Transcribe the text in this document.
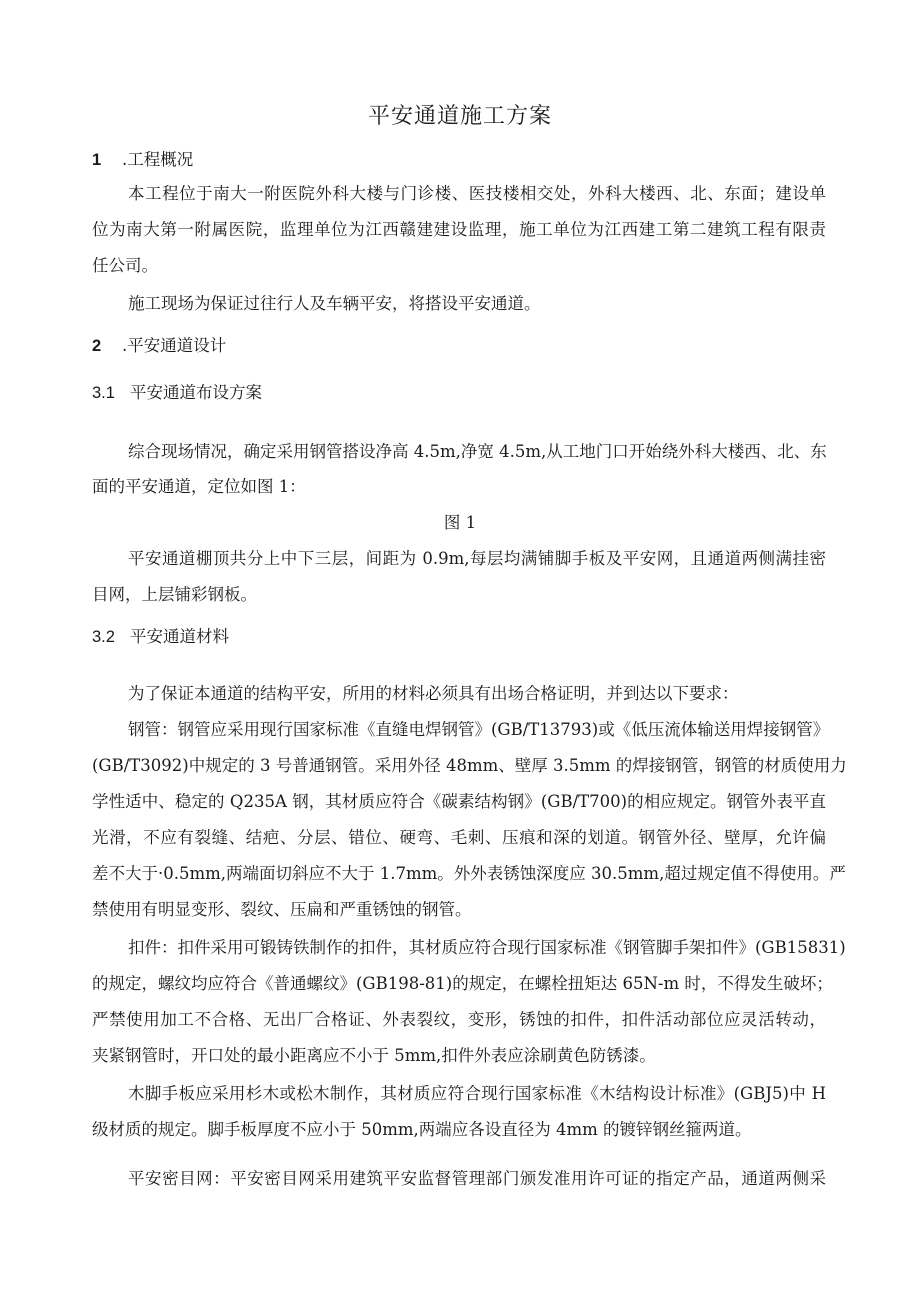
平安通道施工方案
1 .工程概况
本工程位于南大一附医院外科大楼与门诊楼、医技楼相交处，外科大楼西、北、东面；建设单
位为南大第一附属医院，监理单位为江西赣建建设监理，施工单位为江西建工第二建筑工程有限责
任公司。
施工现场为保证过往行人及车辆平安，将搭设平安通道。
2 .平安通道设计
3.1 平安通道布设方案
综合现场情况，确定采用钢管搭设净高 4.5m,净宽 4.5m,从工地门口开始绕外科大楼西、北、东
面的平安通道，定位如图 1：
图 1
平安通道棚顶共分上中下三层，间距为 0.9m,每层均满铺脚手板及平安网，且通道两侧满挂密
目网，上层铺彩钢板。
3.2 平安通道材料
为了保证本通道的结构平安，所用的材料必须具有出场合格证明，并到达以下要求：
钢管：钢管应采用现行国家标准《直缝电焊钢管》(GB/T13793)或《低压流体输送用焊接钢管》
(GB/T3092)中规定的 3 号普通钢管。采用外径 48mm、壁厚 3.5mm 的焊接钢管，钢管的材质使用力
学性适中、稳定的 Q235A 钢，其材质应符合《碳素结构钢》(GB/T700)的相应规定。钢管外表平直
光滑，不应有裂缝、结疤、分层、错位、硬弯、毛刺、压痕和深的划道。钢管外径、壁厚，允许偏
差不大于·0.5mm,两端面切斜应不大于 1.7mm。外外表锈蚀深度应 30.5mm,超过规定值不得使用。严
禁使用有明显变形、裂纹、压扁和严重锈蚀的钢管。
扣件：扣件采用可锻铸铁制作的扣件，其材质应符合现行国家标准《钢管脚手架扣件》(GB15831)
的规定，螺纹均应符合《普通螺纹》(GB198-81)的规定，在螺栓扭矩达 65N-m 时，不得发生破坏；
严禁使用加工不合格、无出厂合格证、外表裂纹，变形，锈蚀的扣件，扣件活动部位应灵活转动，
夹紧钢管时，开口处的最小距离应不小于 5mm,扣件外表应涂刷黄色防锈漆。
木脚手板应采用杉木或松木制作，其材质应符合现行国家标准《木结构设计标准》(GBJ5)中 H
级材质的规定。脚手板厚度不应小于 50mm,两端应各设直径为 4mm 的镀锌钢丝箍两道。
平安密目网：平安密目网采用建筑平安监督管理部门颁发准用许可证的指定产品，通道两侧采
